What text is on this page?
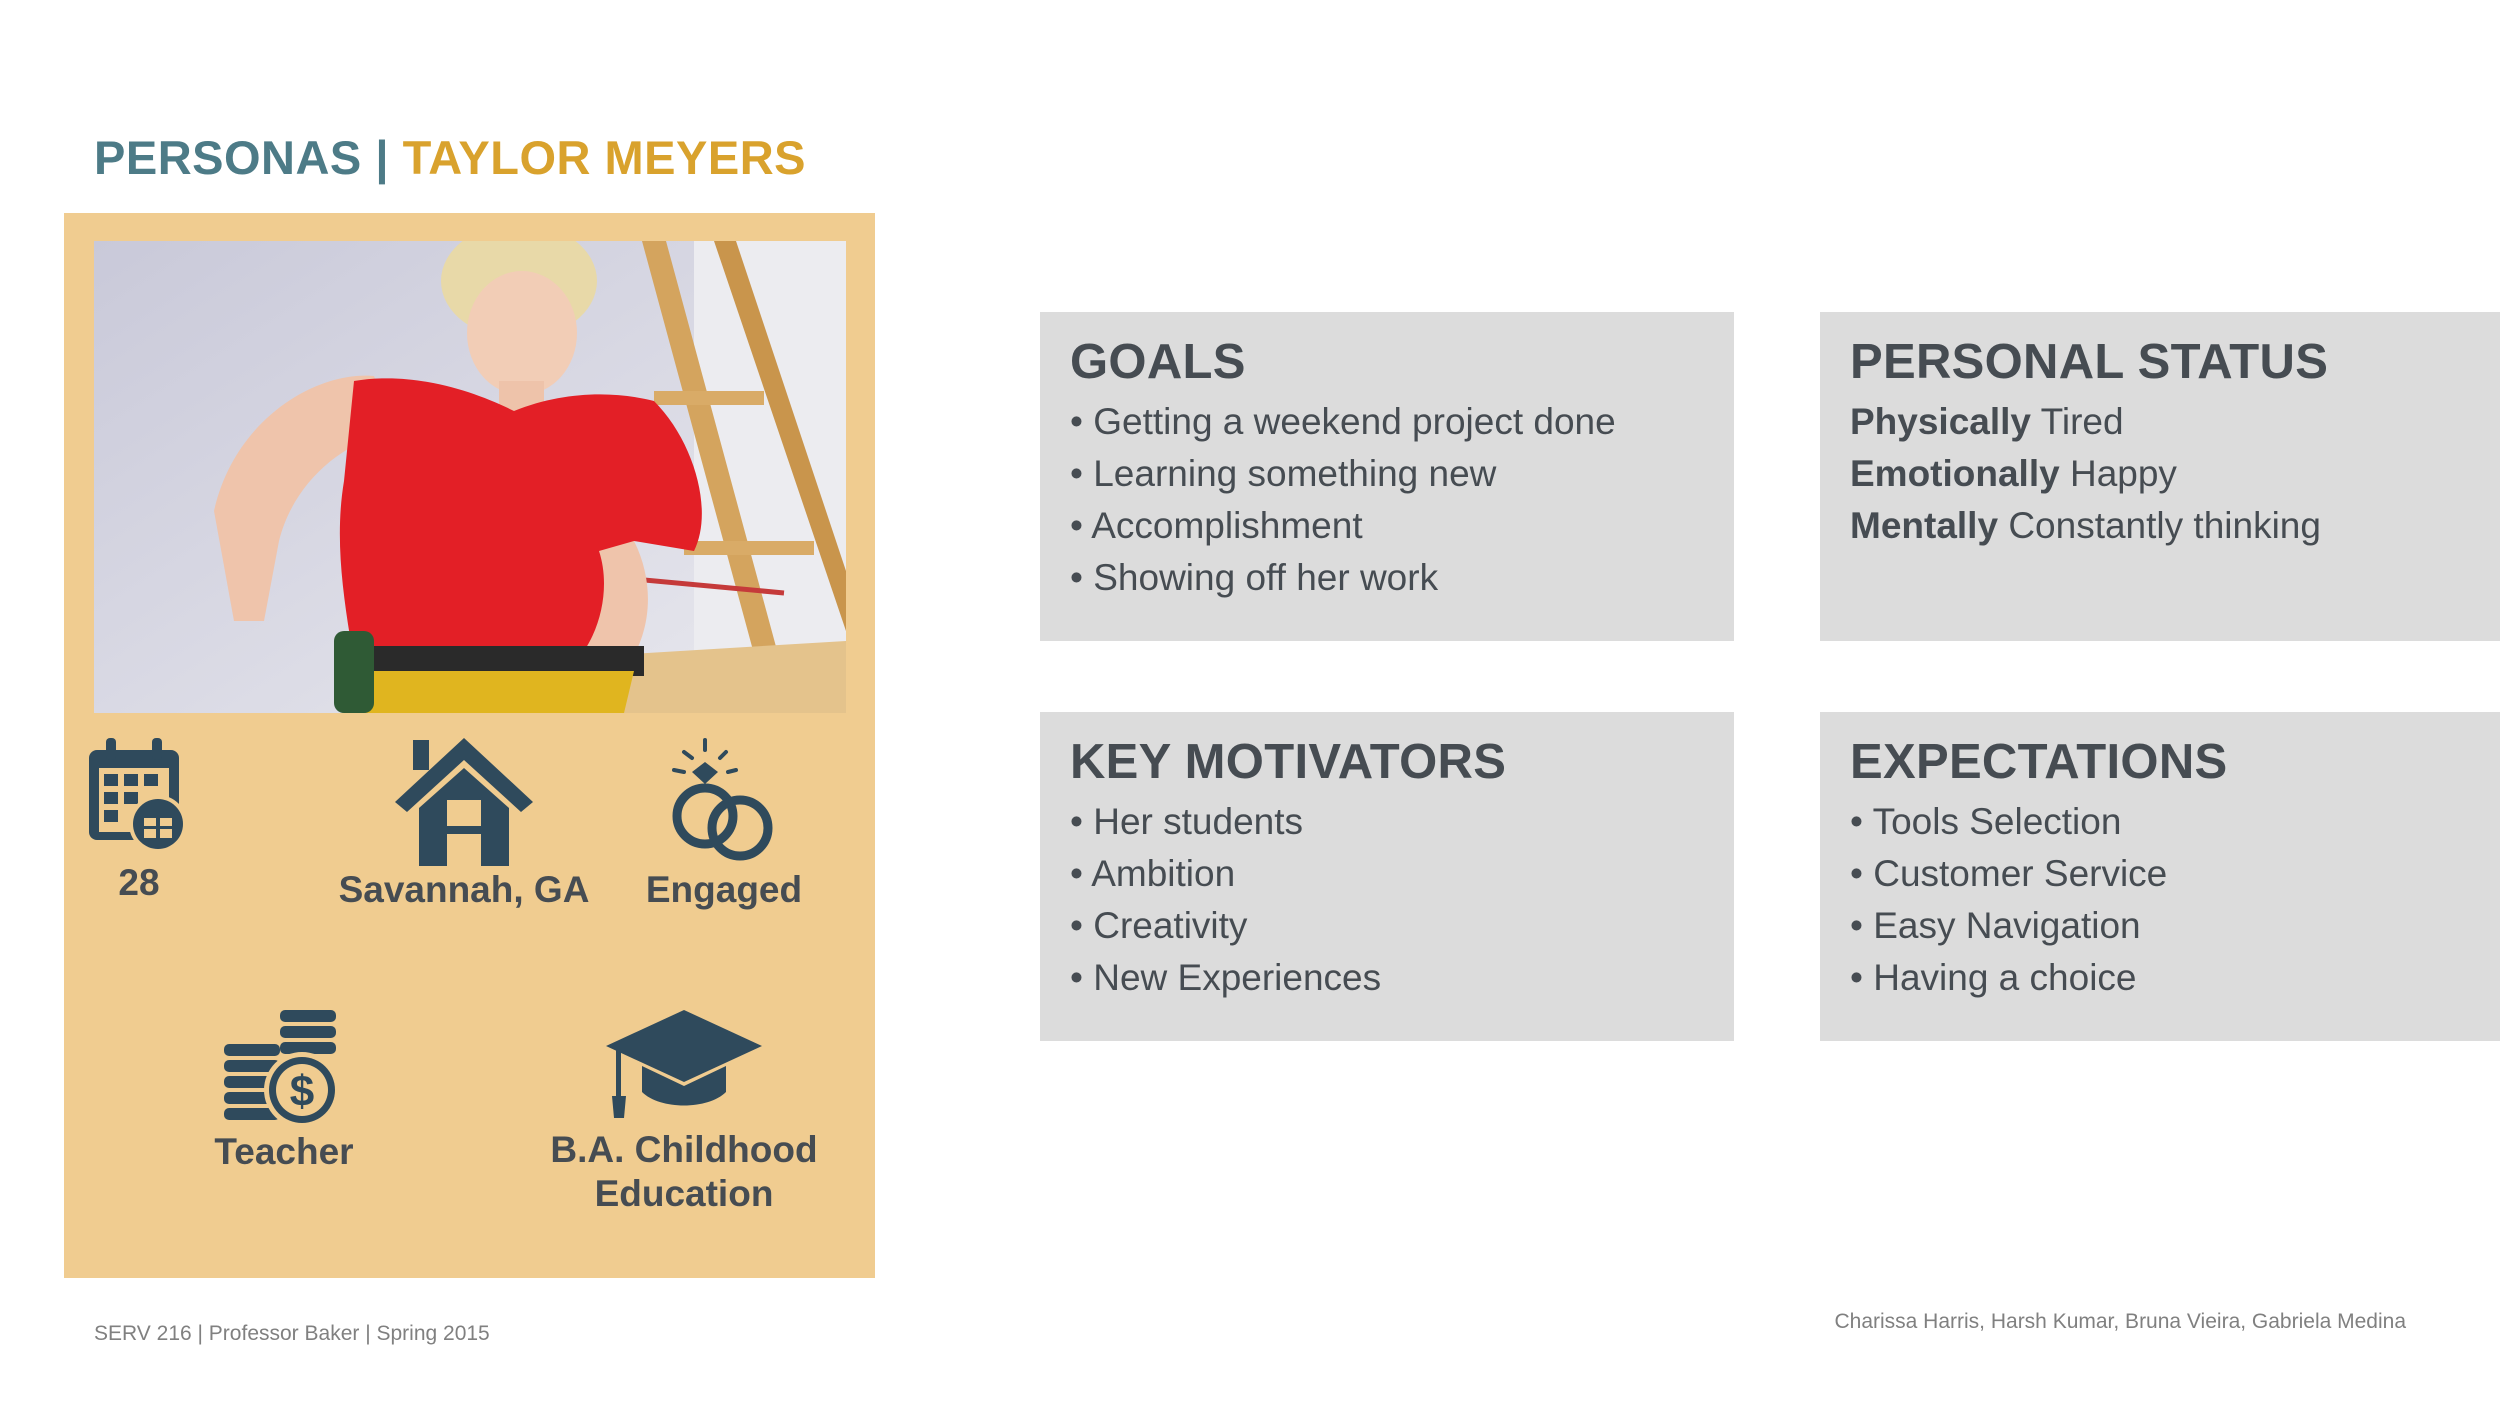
PERSONAS | TAYLOR MEYERS
28	Savannah, GA	Engaged
$
Teacher	B.A. Childhood
Education
GOALS
• Getting a weekend project done
• Learning something new
• Accomplishment
• Showing off her work
PERSONAL STATUS
Physically Tired
Emotionally Happy
Mentally Constantly thinking
KEY MOTIVATORS
• Her students
• Ambition
• Creativity
• New Experiences
EXPECTATIONS
• Tools Selection
• Customer Service
• Easy Navigation
• Having a choice
SERV 216 | Professor Baker | Spring 2015
Charissa Harris, Harsh Kumar, Bruna Vieira, Gabriela Medina
